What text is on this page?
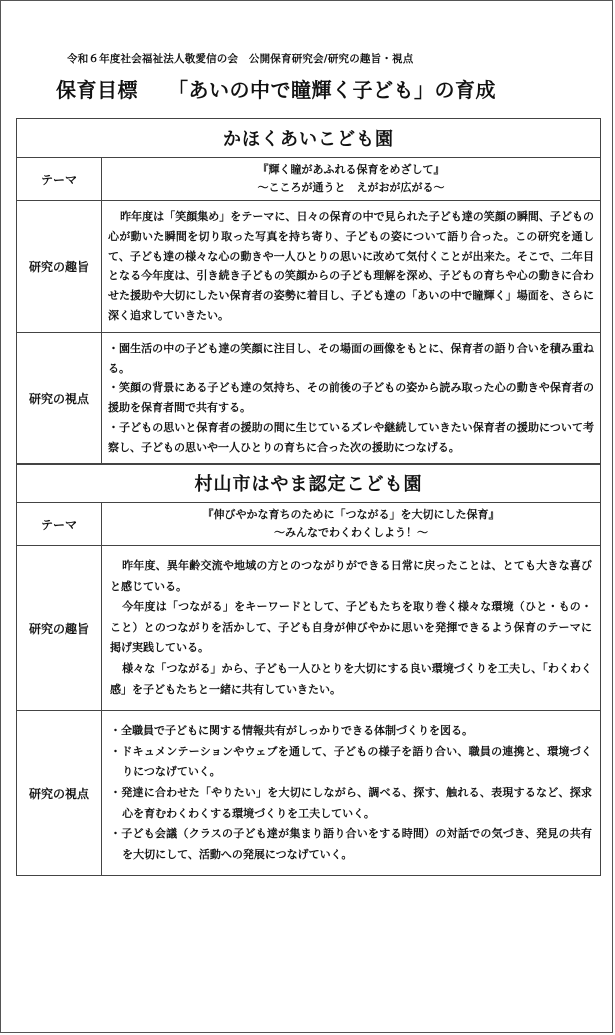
令和６年度社会福祉法人敬愛信の会　公開保育研究会/研究の趣旨・視点
保育目標 「あいの中で瞳輝く子ども」の育成
かほくあいこども園	
テーマ	『輝く瞳があふれる保育をめざして』
～こころが通うと　えがおが広がる～

研究の趣旨	昨年度は「笑顔集め」をテーマに、日々の保育の中で見られた子ども達の笑顔の瞬間、子どもの心が動いた瞬間を切り取った写真を持ち寄り、子どもの姿について語り合った。この研究を通して、子ども達の様々な心の動きや一人ひとりの思いに改めて気付くことが出来た。そこで、二年目となる今年度は、引き続き子どもの笑顔からの子ども理解を深め、子どもの育ちや心の動きに合わせた援助や大切にしたい保育者の姿勢に着目し、子ども達の「あいの中で瞳輝く」場面を、さらに深く追求していきたい。

研究の視点	・園生活の中の子ども達の笑顔に注目し、その場面の画像をもとに、保育者の語り合いを積み重ねる。

・笑顔の背景にある子ども達の気持ち、その前後の子どもの姿から読み取った心の動きや保育者の援助を保育者間で共有する。

・子どもの思いと保育者の援助の間に生じているズレや継続していきたい保育者の援助について考察し、子どもの思いや一人ひとりの育ちに合った次の援助につなげる。

村山市はやま認定こども園	
テーマ	『伸びやかな育ちのために「つながる」を大切にした保育』
～みんなでわくわくしよう！～

研究の趣旨	昨年度、異年齢交流や地域の方とのつながりができる日常に戻ったことは、とても大きな喜びと感じている。

今年度は「つながる」をキーワードとして、子どもたちを取り巻く様々な環境（ひと・もの・こと）とのつながりを活かして、子ども自身が伸びやかに思いを発揮できるよう保育のテーマに掲げ実践している。

様々な「つながる」から、子ども一人ひとりを大切にする良い環境づくりを工夫し、「わくわく感」を子どもたちと一緒に共有していきたい。

研究の視点	・全職員で子どもに関する情報共有がしっかりできる体制づくりを図る。

・ドキュメンテーションやウェブを通して、子どもの様子を語り合い、職員の連携と、環境づくりにつなげていく。

・発達に合わせた「やりたい」を大切にしながら、調べる、探す、触れる、表現するなど、探求心を育むわくわくする環境づくりを工夫していく。

・子ども会議（クラスの子ども達が集まり語り合いをする時間）の対話での気づき、発見の共有を大切にして、活動への発展につなげていく。
